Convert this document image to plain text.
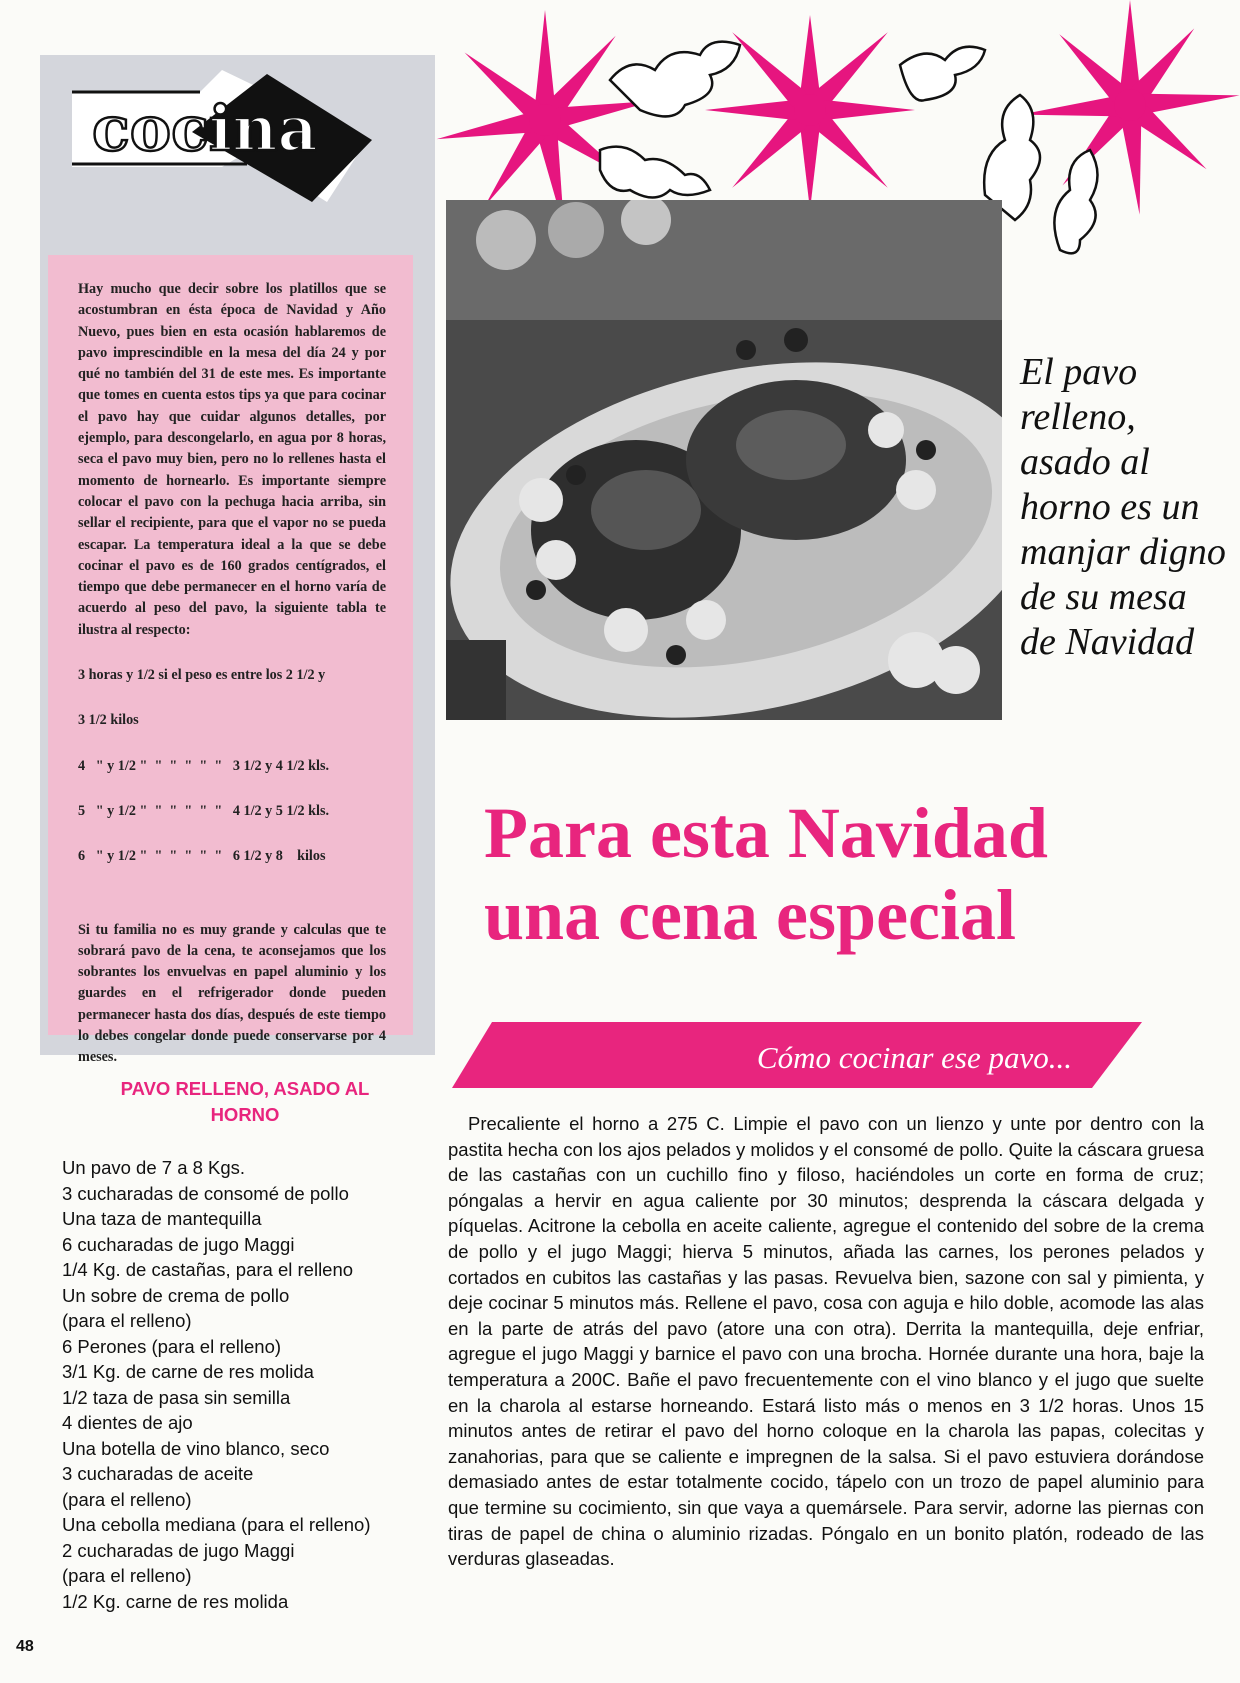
cocina

Hay mucho que decir sobre los platillos que se acostumbran en ésta época de Navidad y Año Nuevo, pues bien en esta ocasión hablaremos de pavo imprescindible en la mesa del día 24 y por qué no también del 31 de este mes. Es importante que tomes en cuenta estos tips ya que para cocinar el pavo hay que cuidar algunos detalles, por ejemplo, para descongelarlo, en agua por 8 horas, seca el pavo muy bien, pero no lo rellenes hasta el momento de hornearlo. Es importante siempre colocar el pavo con la pechuga hacia arriba, sin sellar el recipiente, para que el vapor no se pueda escapar. La temperatura ideal a la que se debe cocinar el pavo es de 160 grados centígrados, el tiempo que debe permanecer en el horno varía de acuerdo al peso del pavo, la siguiente tabla te ilustra al respecto:

3 horas y 1/2 si el peso es entre los 2 1/2 y

3 1/2 kilos

4   " y 1/2 "  "  "  "  "  "   3 1/2 y 4 1/2 kls.

5   " y 1/2 "  "  "  "  "  "   4 1/2 y 5 1/2 kls.

6   " y 1/2 "  "  "  "  "  "   6 1/2 y 8    kilos

Si tu familia no es muy grande y calculas que te sobrará pavo de la cena, te aconsejamos que los sobrantes los envuelvas en papel aluminio y los guardes en el refrigerador donde pueden permanecer hasta dos días, después de este tiempo lo debes congelar donde puede conservarse por 4 meses.

El pavo relleno, asado al horno es un manjar digno de su mesa de Navidad
Para esta Navidad
una cena especial
Cómo cocinar ese pavo...
PAVO RELLENO, ASADO AL
HORNO
Un pavo de 7 a 8 Kgs.
3 cucharadas de consomé de pollo
Una taza de mantequilla
6 cucharadas de jugo Maggi
1/4 Kg. de castañas, para el relleno
Un sobre de crema de pollo
(para el relleno)
6 Perones (para el relleno)
3/1 Kg. de carne de res molida
1/2 taza de pasa sin semilla
4 dientes de ajo
Una botella de vino blanco, seco
3 cucharadas de aceite
(para el relleno)
Una cebolla mediana (para el relleno)
2 cucharadas de jugo Maggi
(para el relleno)
1/2 Kg. carne de res molida

Precaliente el horno a 275 C. Limpie el pavo con un lienzo y unte por dentro con la pastita hecha con los ajos pelados y molidos y el consomé de pollo. Quite la cáscara gruesa de las castañas con un cuchillo fino y filoso, haciéndoles un corte en forma de cruz; póngalas a hervir en agua caliente por 30 minutos; desprenda la cáscara delgada y píquelas. Acitrone la cebolla en aceite caliente, agregue el contenido del sobre de la crema de pollo y el jugo Maggi; hierva 5 minutos, añada las carnes, los perones pelados y cortados en cubitos las castañas y las pasas. Revuelva bien, sazone con sal y pimienta, y deje cocinar 5 minutos más. Rellene el pavo, cosa con aguja e hilo doble, acomode las alas en la parte de atrás del pavo (atore una con otra). Derrita la mantequilla, deje enfriar, agregue el jugo Maggi y barnice el pavo con una brocha. Hornée durante una hora, baje la temperatura a 200C. Bañe el pavo frecuentemente con el vino blanco y el jugo que suelte en la charola al estarse horneando. Estará listo más o menos en 3 1/2 horas. Unos 15 minutos antes de retirar el pavo del horno coloque en la charola las papas, colecitas y zanahorias, para que se caliente e impregnen de la salsa. Si el pavo estuviera dorándose demasiado antes de estar totalmente cocido, tápelo con un trozo de papel aluminio para que termine su cocimiento, sin que vaya a quemársele. Para servir, adorne las piernas con tiras de papel de china o aluminio rizadas. Póngalo en un bonito platón, rodeado de las verduras glaseadas.

48
